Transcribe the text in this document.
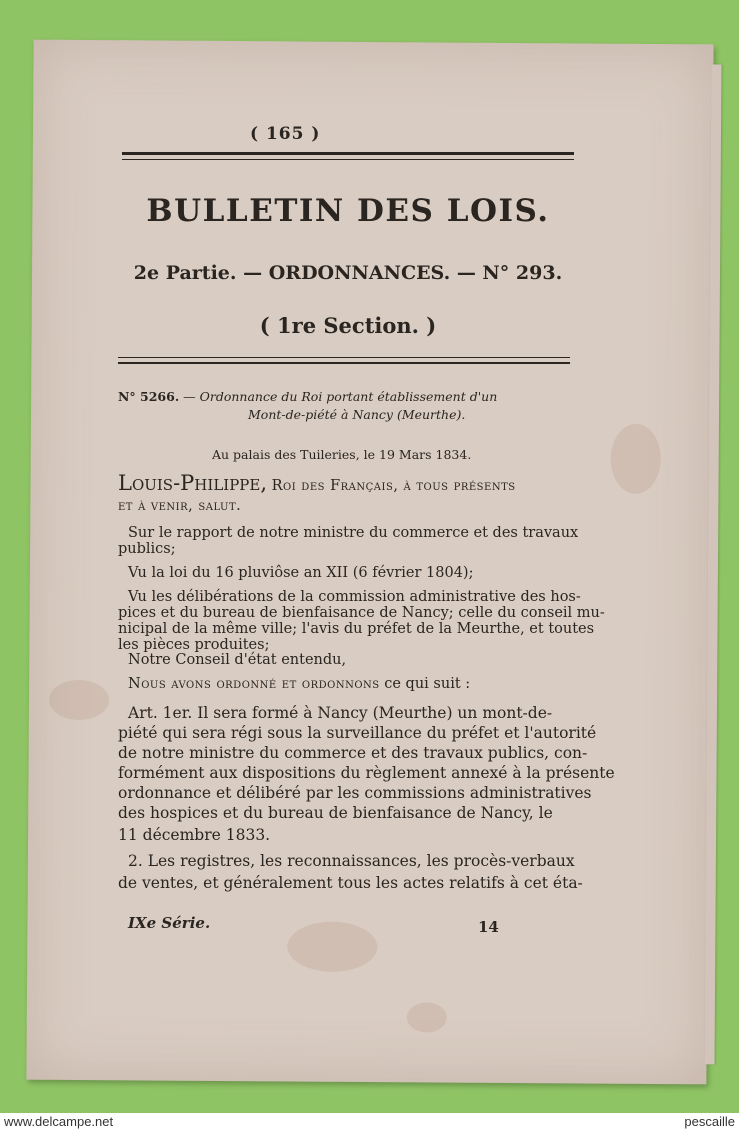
( 165 )
BULLETIN DES LOIS.
2e Partie. — ORDONNANCES. — N° 293.
( 1re Section. )
N° 5266. — Ordonnance du Roi portant établissement d'un
Mont-de-piété à Nancy (Meurthe).
Au palais des Tuileries, le 19 Mars 1834.
Louis-Philippe, Roi des Français, à tous présents
et à venir, salut.
Sur le rapport de notre ministre du commerce et des travaux
publics;
Vu la loi du 16 pluviôse an XII (6 février 1804);
Vu les délibérations de la commission administrative des hos-
pices et du bureau de bienfaisance de Nancy; celle du conseil mu-
nicipal de la même ville; l'avis du préfet de la Meurthe, et toutes
les pièces produites;
Notre Conseil d'état entendu,
Nous avons ordonné et ordonnons ce qui suit :
Art. 1er. Il sera formé à Nancy (Meurthe) un mont-de-
piété qui sera régi sous la surveillance du préfet et l'autorité
de notre ministre du commerce et des travaux publics, con-
formément aux dispositions du règlement annexé à la présente
ordonnance et délibéré par les commissions administratives
des hospices et du bureau de bienfaisance de Nancy, le
11 décembre 1833.
2. Les registres, les reconnaissances, les procès-verbaux
de ventes, et généralement tous les actes relatifs à cet éta-
IXe Série.	14
www.delcampe.net	pescaille
